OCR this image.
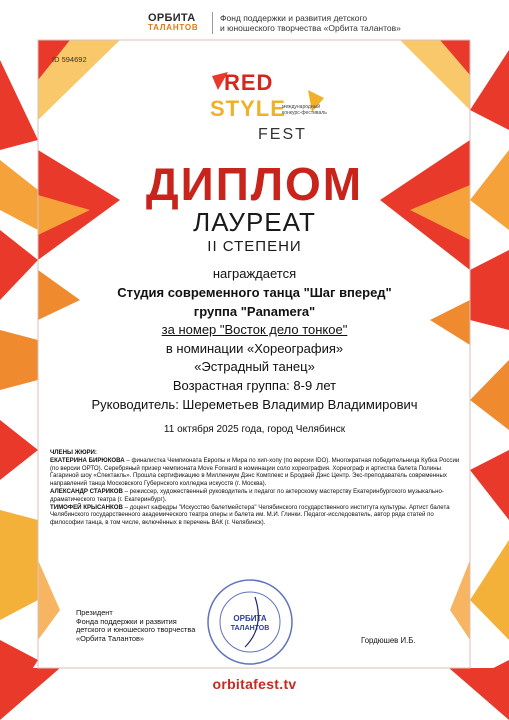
ОРБИТА
ТАЛАНТОВ
Фонд поддержки и развития детского
и юношеского творчества «Орбита талантов»
ID 594692
RED
STYLE
международный конкурс-фестиваль
FEST
ДИПЛОМ
ЛАУРЕАТ
II СТЕПЕНИ
награждается
Студия современного танца "Шаг вперед"
группа "Panamera"
за номер "Восток дело тонкое"
в номинации «Хореография»
«Эстрадный танец»
Возрастная группа: 8-9 лет
Руководитель: Шереметьев Владимир Владимирович
11 октября 2025 года, город Челябинск
ЧЛЕНЫ ЖЮРИ:

ЕКАТЕРИНА БИРЮКОВА – финалистка Чемпионата Европы и Мира по хип-хопу (по версии IDO). Многократная победительница Кубка России (по версии ОРТО). Серебряный призер чемпионата Move Forward в номинации соло хореография. Хореограф и артистка балета Полины Гагариной шоу «Спектакль». Прошла сертификацию в Миллениум Дэнс Комплекс и Бродвей Дэнс Центр. Экс-преподаватель современных направлений танца Московского Губернского колледжа искусств (г. Москва).

АЛЕКСАНДР СТАРИКОВ – режиссер, художественный руководитель и педагог по актерскому мастерству Екатеринбургского музыкально-драматического театра (г. Екатеринбург).

ТИМОФЕЙ КРЫСАНКОВ – доцент кафедры "Искусство балетмейстера" Челябинского государственного института культуры. Артист балета Челябинского государственного академического театра оперы и балета им. М.И. Глинки. Педагог-исследователь, автор ряда статей по философии танца, в том числе, включённых в перечень ВАК (г. Челябинск).

Президент
Фонда поддержки и развития
детского и юношеского творчества
«Орбита Талантов»
ОРБИТА
ТАЛАНТОВ
Гордюшев И.Б.
orbitafest.tv
